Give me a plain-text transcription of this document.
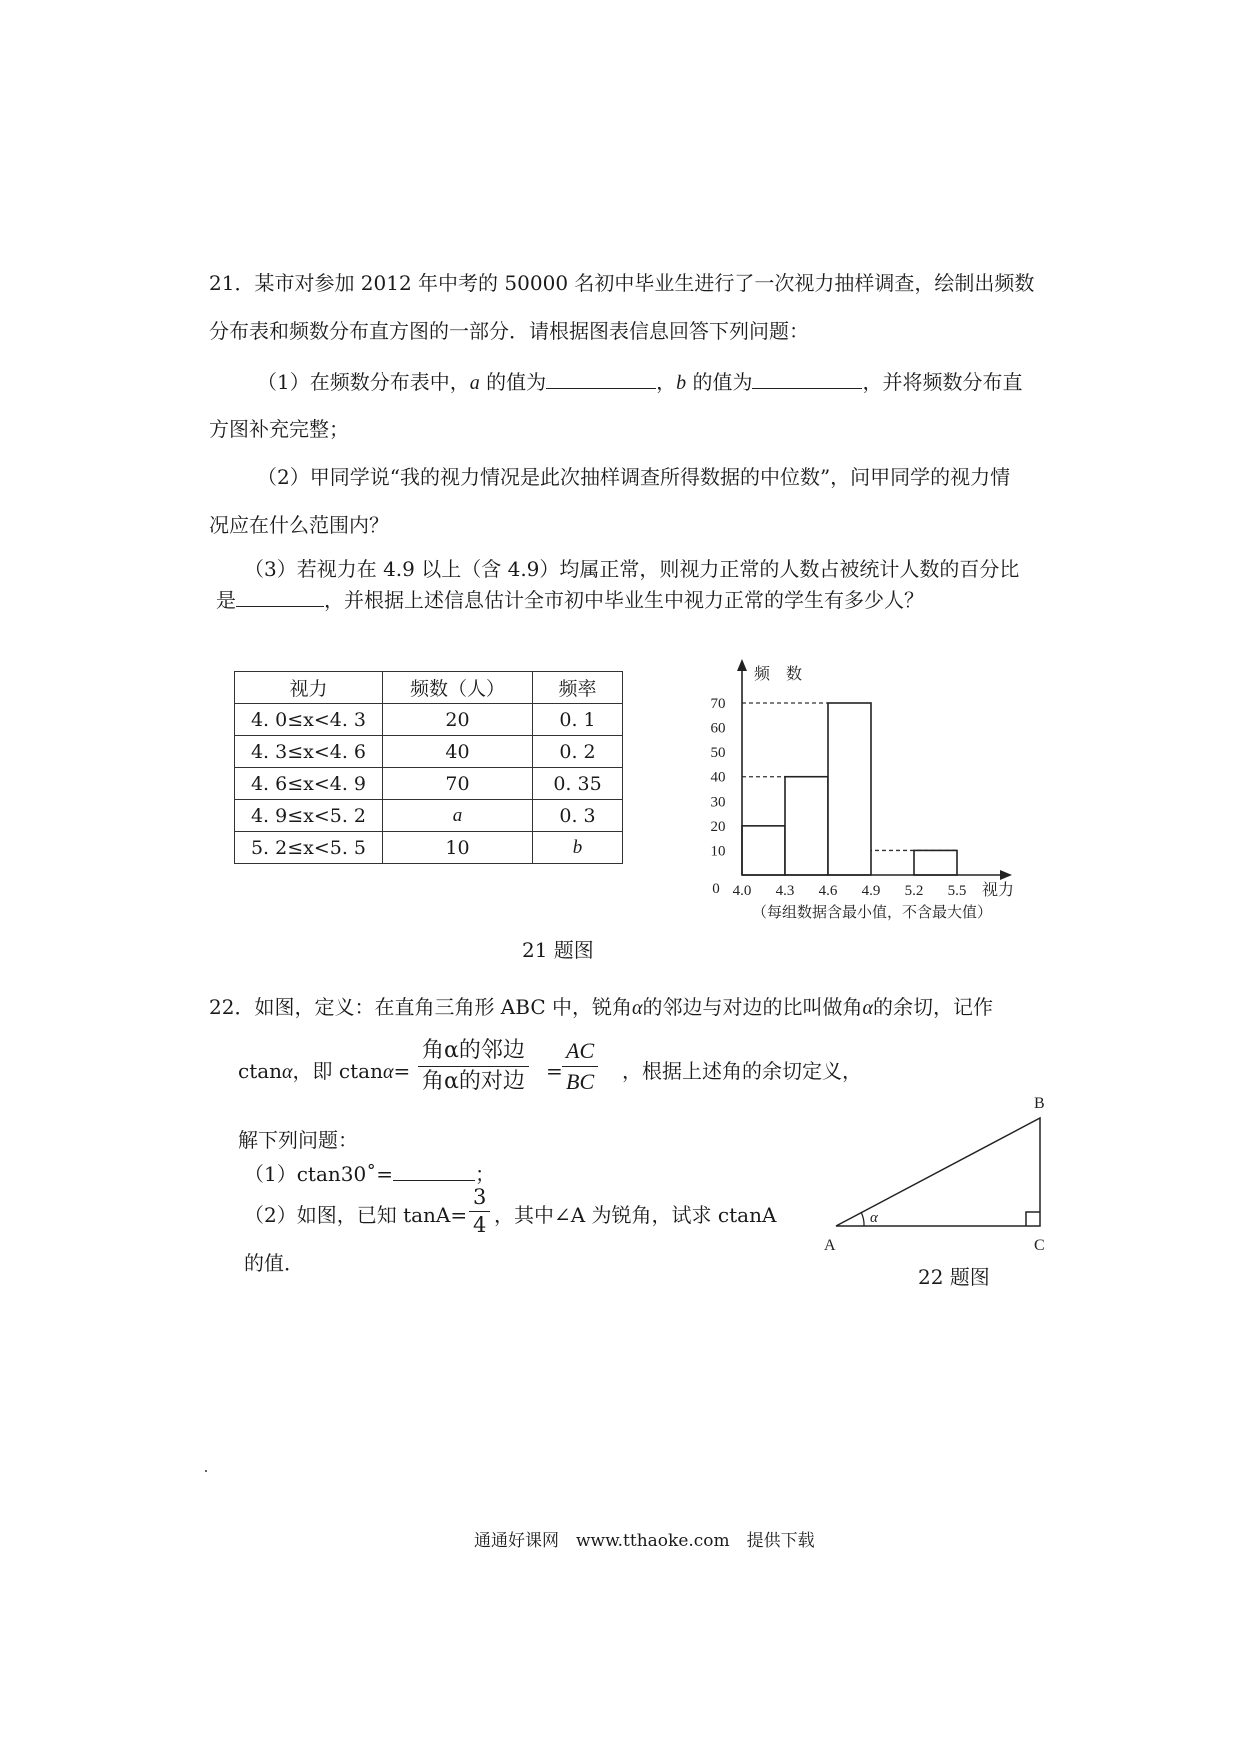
21．某市对参加 2012 年中考的 50000 名初中毕业生进行了一次视力抽样调查，绘制出频数
分布表和频数分布直方图的一部分．请根据图表信息回答下列问题：
（1）在频数分布表中，a 的值为	，b 的值为	，并将频数分布直
方图补充完整；
（2）甲同学说“我的视力情况是此次抽样调查所得数据的中位数”，问甲同学的视力情
况应在什么范围内？
（3）若视力在 4.9 以上（含 4.9）均属正常，则视力正常的人数占被统计人数的百分比
是	，并根据上述信息估计全市初中毕业生中视力正常的学生有多少人？
视力	频数（人）	频率
4. 0≤x<4. 3	20	0. 1
4. 3≤x<4. 6	40	0. 2
4. 6≤x<4. 9	70	0. 35
4. 9≤x<5. 2	a	0. 3
5. 2≤x<5. 5	10	b
0
10
20
30
40
50
60
70
4.0 4.3 4.6 4.9 5.2 5.5 视力
频　数
（每组数据含最小值，不含最大值）
21 题图
22．如图，定义：在直角三角形 ABC 中，锐角α的邻边与对边的比叫做角α的余切，记作
ctanα，即 ctanα=
角α的邻边
角α的对边 = $\frac{AC}{BC}$ ，根据上述角的余切定义，
解下列问题：
（1）ctan30˚=	；
（2）如图，已知 $\tan A= \frac{3}{4}$ ，其中∠A 为锐角，试求 ctanA
的值．
α
A
B
C
22 题图
通通好课网　www.tthaoke.com　提供下载
